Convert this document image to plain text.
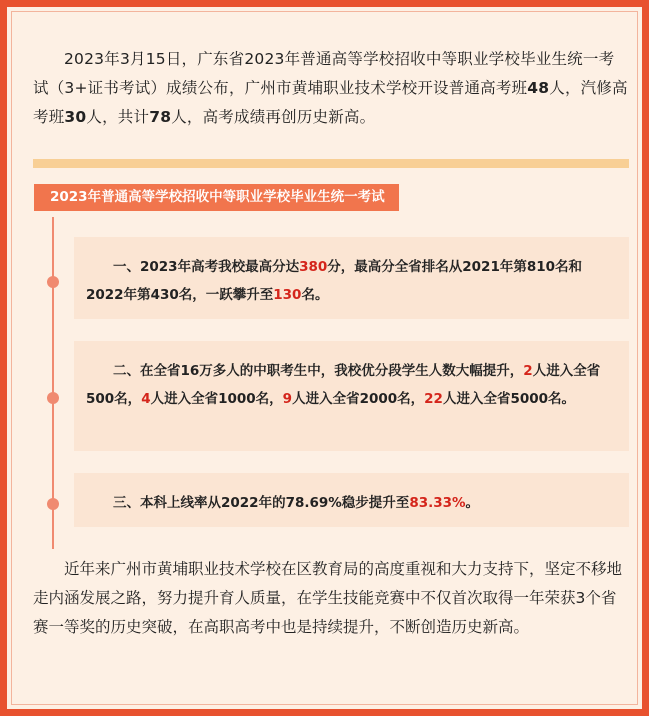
2023年3月15日，广东省2023年普通高等学校招收中等职业学校毕业生统一考试（3+证书考试）成绩公布，广州市黄埔职业技术学校开设普通高考班48人，汽修高考班30人，共计78人，高考成绩再创历史新高。

2023年普通高等学校招收中等职业学校毕业生统一考试
一、2023年高考我校最高分达380分，最高分全省排名从2021年第810名和2022年第430名，一跃攀升至130名。
二、在全省16万多人的中职考生中，我校优分段学生人数大幅提升，2人进入全省500名，4人进入全省1000名，9人进入全省2000名，22人进入全省5000名。
三、本科上线率从2022年的78.69%稳步提升至83.33%。

近年来广州市黄埔职业技术学校在区教育局的高度重视和大力支持下，坚定不移地走内涵发展之路，努力提升育人质量，在学生技能竞赛中不仅首次取得一年荣获3个省赛一等奖的历史突破，在高职高考中也是持续提升，不断创造历史新高。
